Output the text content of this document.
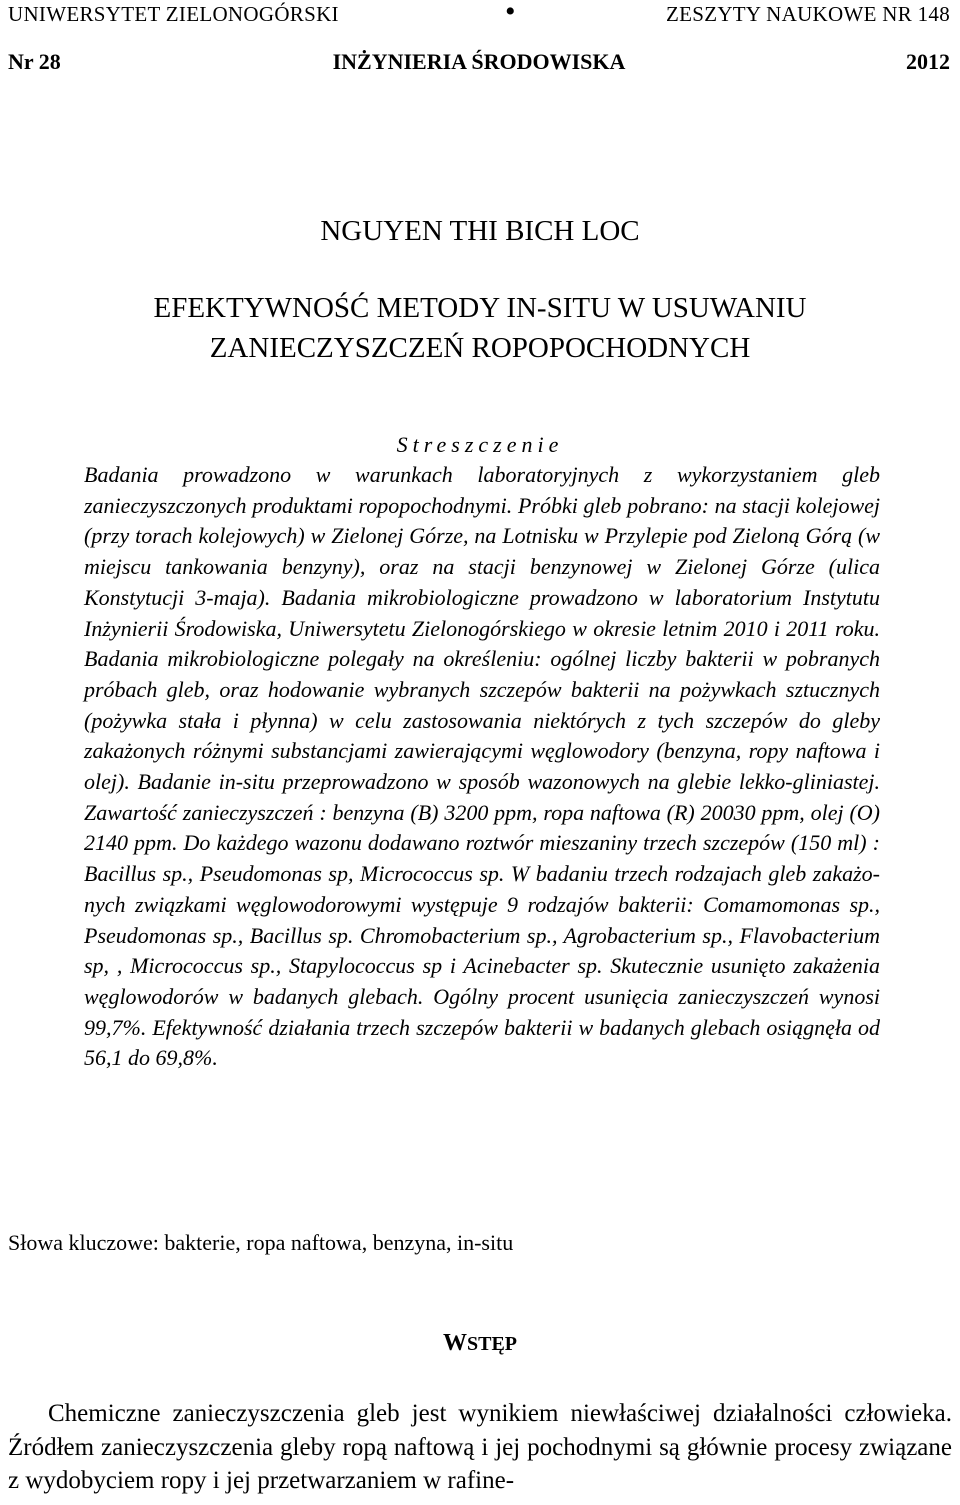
UNIWERSYTET ZIELONOGÓRSKI	•	ZESZYTY NAUKOWE NR 148
Nr 28	INŻYNIERIA ŚRODOWISKA	2012
NGUYEN THI BICH LOC
EFEKTYWNOŚĆ METODY IN-SITU W USUWANIU
ZANIECZYSZCZEŃ ROPOPOCHODNYCH
Streszczenie
Badania prowadzono w warunkach laboratoryjnych z wykorzystaniem gleb zanieczyszczonych produktami ropopochodnymi. Próbki gleb pobrano: na stacji kolejowej (przy torach kolejowych) w Zielonej Górze, na Lotnisku w Przylepie pod Zieloną Górą (w miejscu tankowania benzyny), oraz na stacji benzynowej w Zielonej Górze (ulica Konstytucji 3-maja). Badania mikrobiologiczne prowadzono w laboratorium Instytutu Inżynierii Środowiska, Uniwersytetu Zielonogórskiego w okresie letnim 2010 i 2011 roku. Badania mikrobiologiczne polegały na określeniu: ogólnej liczby bakterii w pobranych próbach gleb, oraz hodowanie wybranych szczepów bakterii na pożywkach sztucznych (pożywka stała i płynna) w celu zastosowania niektórych z tych szczepów do gleby zakażonych różnymi substancjami zawierającymi węglowodory (benzyna, ropy naftowa i olej). Badanie in-situ przeprowadzono w sposób wazonowych na glebie lekko-gliniastej. Zawartość zanieczyszczeń : benzyna (B) 3200 ppm, ropa naftowa (R) 20030 ppm, olej (O) 2140 ppm. Do każdego wazonu dodawano roztwór mieszaniny trzech szczepów (150 ml) : Bacillus sp., Pseudomonas sp, Micrococcus sp. W badaniu trzech rodzajach gleb zakażonych związkami węglowodorowymi występuje 9 rodzajów bakterii: Comamomonas sp., Pseudomonas sp., Bacillus sp. Chromobacterium sp., Agrobacterium sp., Flavobacterium sp, , Micrococcus sp., Stapylococcus sp i Acinebacter sp. Skutecznie usunięto zakażenia węglowodorów w badanych glebach. Ogólny procent usunięcia zanieczyszczeń wynosi 99,7%. Efektywność działania trzech szczepów bakterii w badanych glebach osiągnęła od 56,1 do 69,8%.
Słowa kluczowe: bakterie, ropa naftowa, benzyna, in-situ
WSTĘP
Chemiczne zanieczyszczenia gleb jest wynikiem niewłaściwej działalności człowieka. Źródłem zanieczyszczenia gleby ropą naftową i jej pochodnymi są głównie procesy związane z wydobyciem ropy i jej przetwarzaniem w rafine-
